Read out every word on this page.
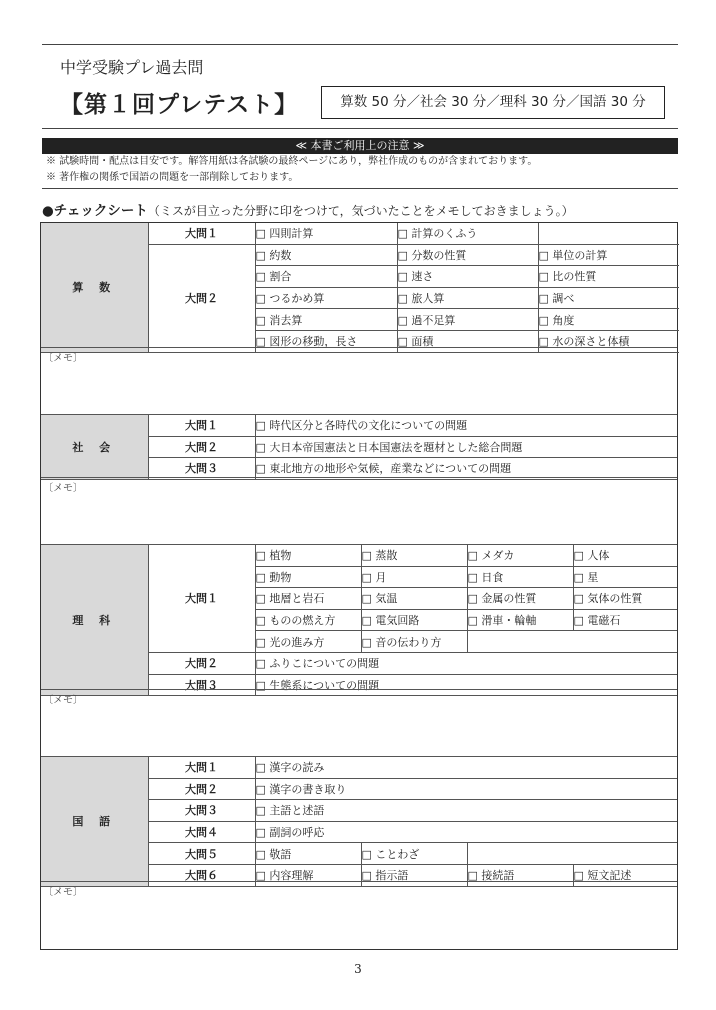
中学受験プレ過去問
【第１回プレテスト】	算数 50 分／社会 30 分／理科 30 分／国語 30 分
≪ 本書ご利用上の注意 ≫
※ 試験時間・配点は目安です。解答用紙は各試験の最終ページにあり，弊社作成のものが含まれております。
※ 著作権の関係で国語の問題を一部削除しております。
●チェックシート（ミスが目立った分野に印をつけて，気づいたことをメモしておきましょう。）
算 数	大問１	□ 四則計算	□ 計算のくふう	
	大問２	□ 約数	□ 分数の性質	□ 単位の計算
		□ 割合	□ 速さ	□ 比の性質
		□ つるかめ算	□ 旅人算	□ 調べ
		□ 消去算	□ 過不足算	□ 角度
		□ 図形の移動，長さ	□ 面積	□ 水の深さと体積
〔メモ〕
社 会	大問１	□ 時代区分と各時代の文化についての問題
	大問２	□ 大日本帝国憲法と日本国憲法を題材とした総合問題
	大問３	□ 東北地方の地形や気候，産業などについての問題
〔メモ〕
理 科	大問１	□ 植物	□ 蒸散	□ メダカ	□ 人体
		□ 動物	□ 月	□ 日食	□ 星
		□ 地層と岩石	□ 気温	□ 金属の性質	□ 気体の性質
		□ ものの燃え方	□ 電気回路	□ 滑車・輪軸	□ 電磁石
		□ 光の進み方	□ 音の伝わり方		
	大問２	□ ふりこについての問題			
	大問３	□ 生態系についての問題			
〔メモ〕
国 語	大問１	□ 漢字の読み			
	大問２	□ 漢字の書き取り			
	大問３	□ 主語と述語			
	大問４	□ 副詞の呼応			
	大問５	□ 敬語	□ ことわざ		
	大問６	□ 内容理解	□ 指示語	□ 接続語	□ 短文記述
〔メモ〕
3
